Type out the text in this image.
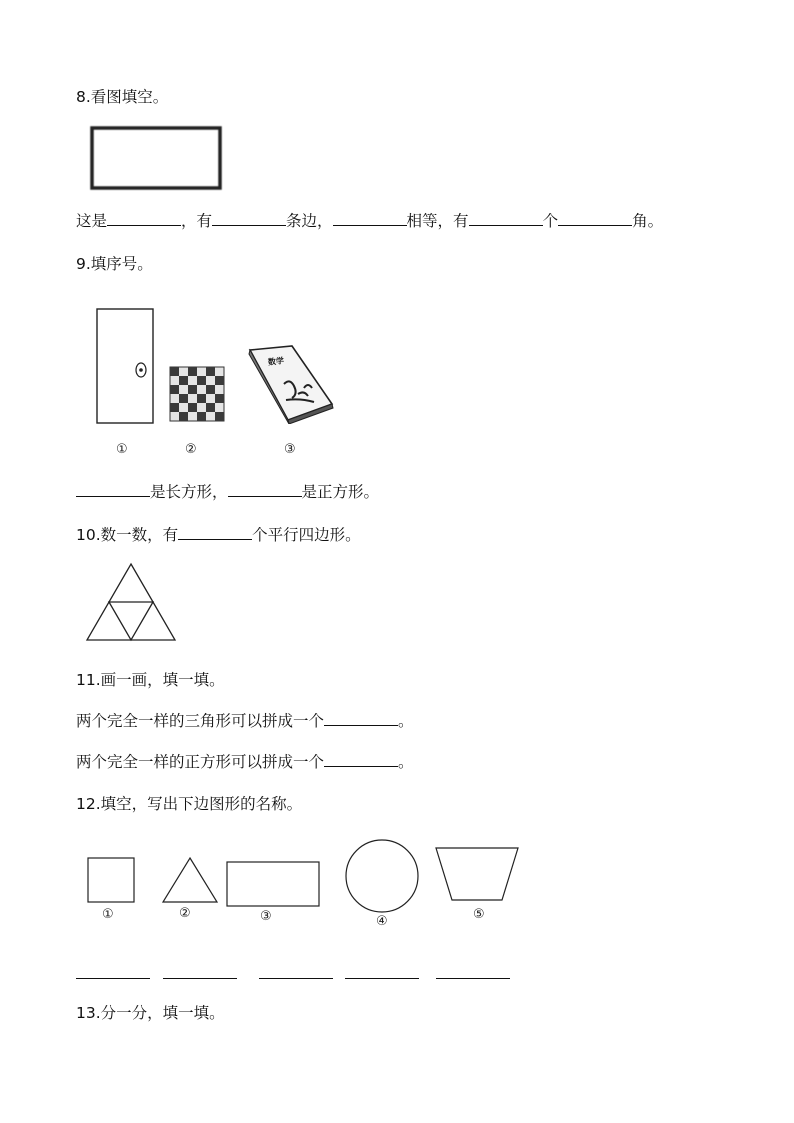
8.看图填空。
这是	，有	条边，	相等，有	个	角。
9.填序号。
数学
①	②	③
是长方形，	是正方形。
10.数一数，有	个平行四边形。
11.画一画，填一填。
两个完全一样的三角形可以拼成一个	。
两个完全一样的正方形可以拼成一个	。
12.填空，写出下边图形的名称。
①	②	③	④	⑤
13.分一分，填一填。
